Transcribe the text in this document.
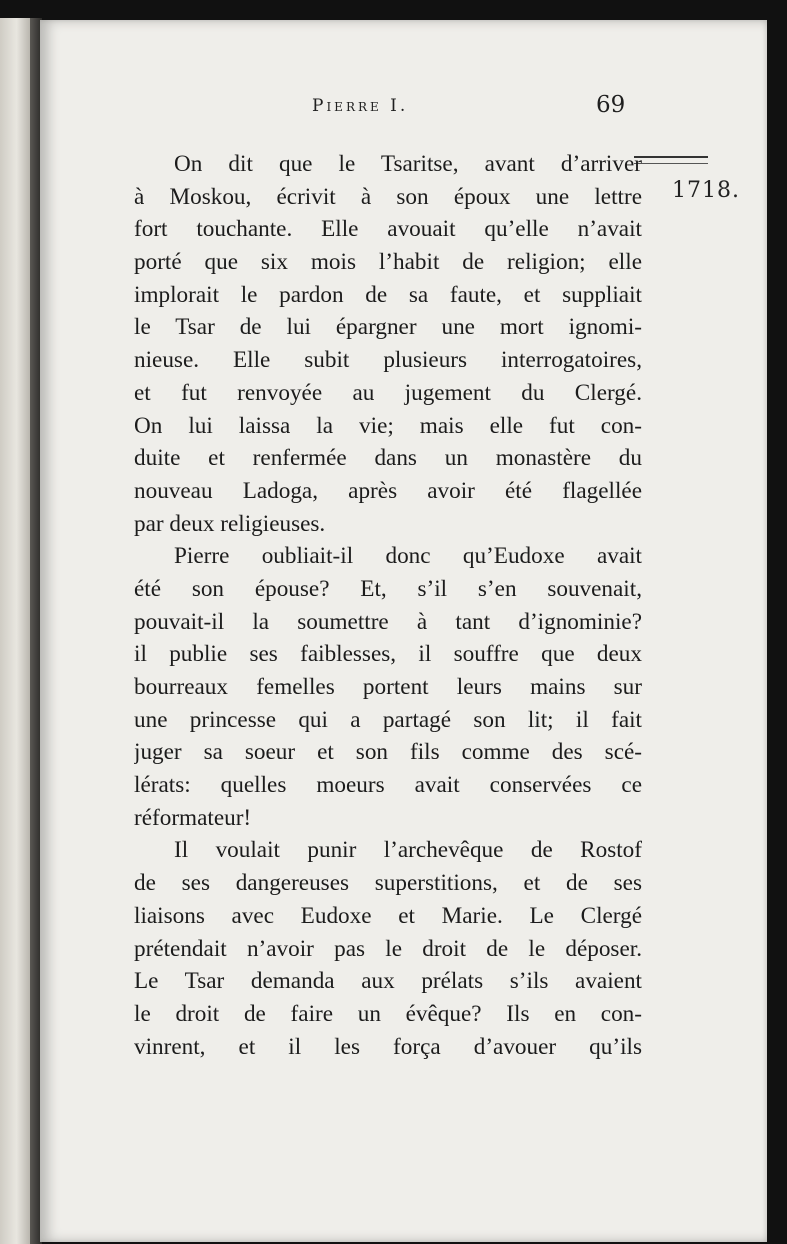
Pierre I.	69
1718.
On dit que le Tsaritse, avant d’arriver
à Moskou, écrivit à son époux une lettre
fort touchante. Elle avouait qu’elle n’avait
porté que six mois l’habit de religion; elle
implorait le pardon de sa faute, et suppliait
le Tsar de lui épargner une mort ignomi-
nieuse. Elle subit plusieurs interrogatoires,
et fut renvoyée au jugement du Clergé.
On lui laissa la vie; mais elle fut con-
duite et renfermée dans un monastère du
nouveau Ladoga, après avoir été flagellée
par deux religieuses.
Pierre oubliait-il donc qu’Eudoxe avait
été son épouse? Et, s’il s’en souvenait,
pouvait-il la soumettre à tant d’ignominie?
il publie ses faiblesses, il souffre que deux
bourreaux femelles portent leurs mains sur
une princesse qui a partagé son lit; il fait
juger sa soeur et son fils comme des scé-
lérats: quelles moeurs avait conservées ce
réformateur!
Il voulait punir l’archevêque de Rostof
de ses dangereuses superstitions, et de ses
liaisons avec Eudoxe et Marie. Le Clergé
prétendait n’avoir pas le droit de le déposer.
Le Tsar demanda aux prélats s’ils avaient
le droit de faire un évêque? Ils en con-
vinrent, et il les força d’avouer qu’ils
